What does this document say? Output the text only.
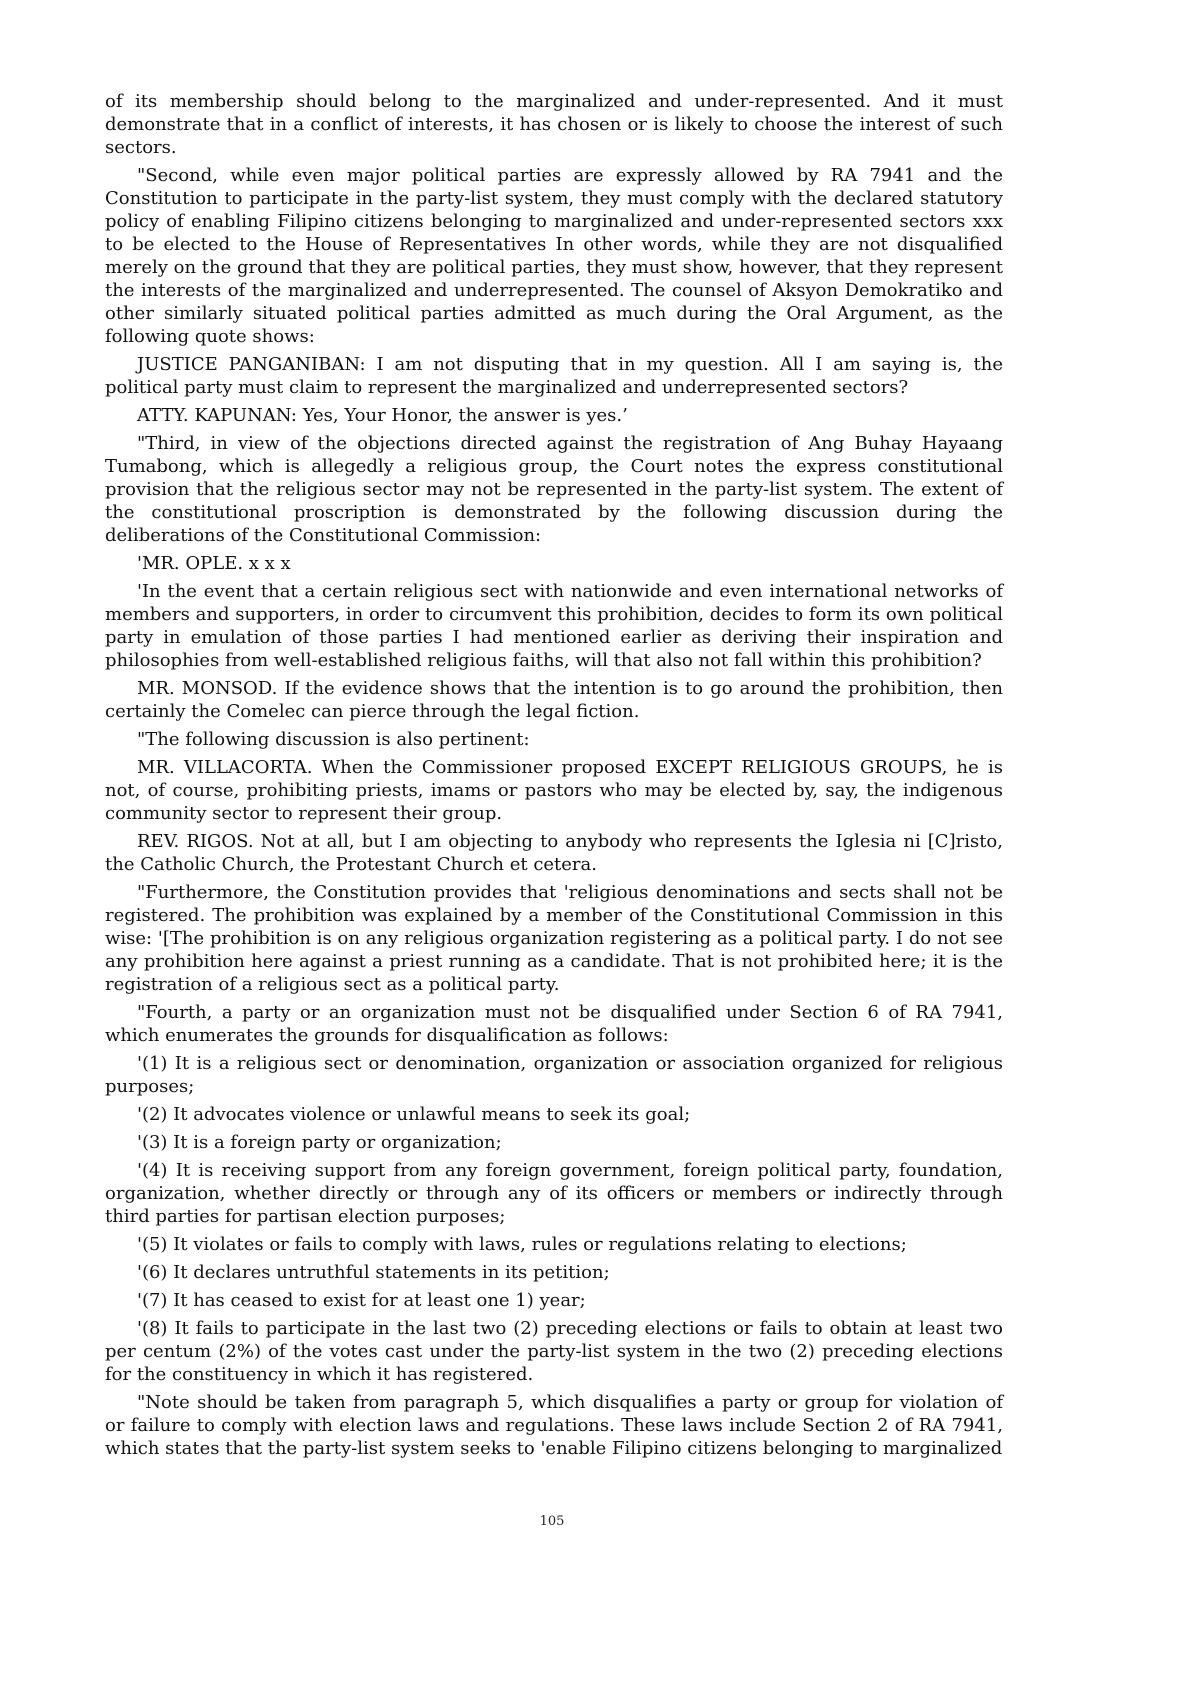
of its membership should belong to the marginalized and under-represented. And it must demonstrate that in a conflict of interests, it has chosen or is likely to choose the interest of such sectors.

"Second, while even major political parties are expressly allowed by RA 7941 and the Constitution to participate in the party-list system, they must comply with the declared statutory policy of enabling Filipino citizens belonging to marginalized and under-represented sectors xxx to be elected to the House of Representatives In other words, while they are not disqualified merely on the ground that they are political parties, they must show, however, that they represent the interests of the marginalized and underrepresented. The counsel of Aksyon Demokratiko and other similarly situated political parties admitted as much during the Oral Argument, as the following quote shows:

JUSTICE PANGANIBAN: I am not disputing that in my question. All I am saying is, the political party must claim to represent the marginalized and underrepresented sectors?

ATTY. KAPUNAN: Yes, Your Honor, the answer is yes.’

"Third, in view of the objections directed against the registration of Ang Buhay Hayaang Tumabong, which is allegedly a religious group, the Court notes the express constitutional provision that the religious sector may not be represented in the party-list system. The extent of the constitutional proscription is demonstrated by the following discussion during the deliberations of the Constitutional Commission:

'MR. OPLE. x x x

'In the event that a certain religious sect with nationwide and even international networks of members and supporters, in order to circumvent this prohibition, decides to form its own political party in emulation of those parties I had mentioned earlier as deriving their inspiration and philosophies from well-established religious faiths, will that also not fall within this prohibition?

MR. MONSOD. If the evidence shows that the intention is to go around the prohibition, then certainly the Comelec can pierce through the legal fiction.

"The following discussion is also pertinent:

MR. VILLACORTA. When the Commissioner proposed EXCEPT RELIGIOUS GROUPS, he is not, of course, prohibiting priests, imams or pastors who may be elected by, say, the indigenous community sector to represent their group.

REV. RIGOS. Not at all, but I am objecting to anybody who represents the Iglesia ni [C]risto, the Catholic Church, the Protestant Church et cetera.

"Furthermore, the Constitution provides that 'religious denominations and sects shall not be registered. The prohibition was explained by a member of the Constitutional Commission in this wise: '[The prohibition is on any religious organization registering as a political party. I do not see any prohibition here against a priest running as a candidate. That is not prohibited here; it is the registration of a religious sect as a political party.

"Fourth, a party or an organization must not be disqualified under Section 6 of RA 7941, which enumerates the grounds for disqualification as follows:

'(1) It is a religious sect or denomination, organization or association organized for religious purposes;

'(2) It advocates violence or unlawful means to seek its goal;

'(3) It is a foreign party or organization;

'(4) It is receiving support from any foreign government, foreign political party, foundation, organization, whether directly or through any of its officers or members or indirectly through third parties for partisan election purposes;

'(5) It violates or fails to comply with laws, rules or regulations relating to elections;

'(6) It declares untruthful statements in its petition;

'(7) It has ceased to exist for at least one 1) year;

'(8) It fails to participate in the last two (2) preceding elections or fails to obtain at least two per centum (2%) of the votes cast under the party-list system in the two (2) preceding elections for the constituency in which it has registered.

"Note should be taken from paragraph 5, which disqualifies a party or group for violation of or failure to comply with election laws and regulations. These laws include Section 2 of RA 7941, which states that the party-list system seeks to 'enable Filipino citizens belonging to marginalized

105
